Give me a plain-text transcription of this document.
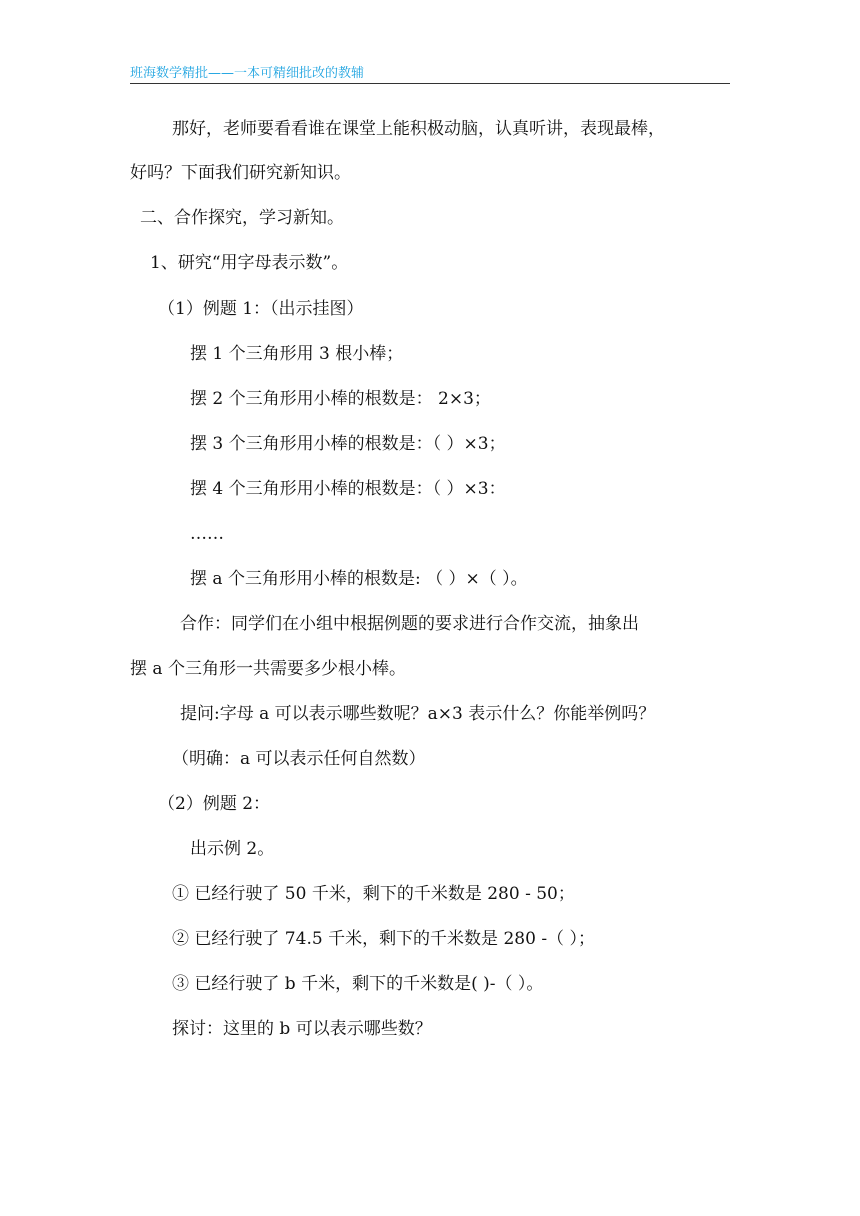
班海数学精批——一本可精细批改的教辅
那好，老师要看看谁在课堂上能积极动脑，认真听讲，表现最棒，
好吗？下面我们研究新知识。
二、合作探究，学习新知。
1、研究“用字母表示数”。
（1）例题 1：（出示挂图）
摆 1 个三角形用 3 根小棒；
摆 2 个三角形用小棒的根数是： 2×3；
摆 3 个三角形用小棒的根数是：（ ）×3；
摆 4 个三角形用小棒的根数是：（ ）×3：
……
摆 a 个三角形用小棒的根数是: （ ）×（ ）。
合作：同学们在小组中根据例题的要求进行合作交流，抽象出
摆 a 个三角形一共需要多少根小棒。
提问:字母 a 可以表示哪些数呢？a×3 表示什么？你能举例吗？
（明确：a 可以表示任何自然数）
（2）例题 2：
出示例 2。
① 已经行驶了 50 千米，剩下的千米数是 280 - 50；
② 已经行驶了 74.5 千米，剩下的千米数是 280 -（ ）；
③ 已经行驶了 b 千米，剩下的千米数是( )-（ ）。
探讨：这里的 b 可以表示哪些数？
